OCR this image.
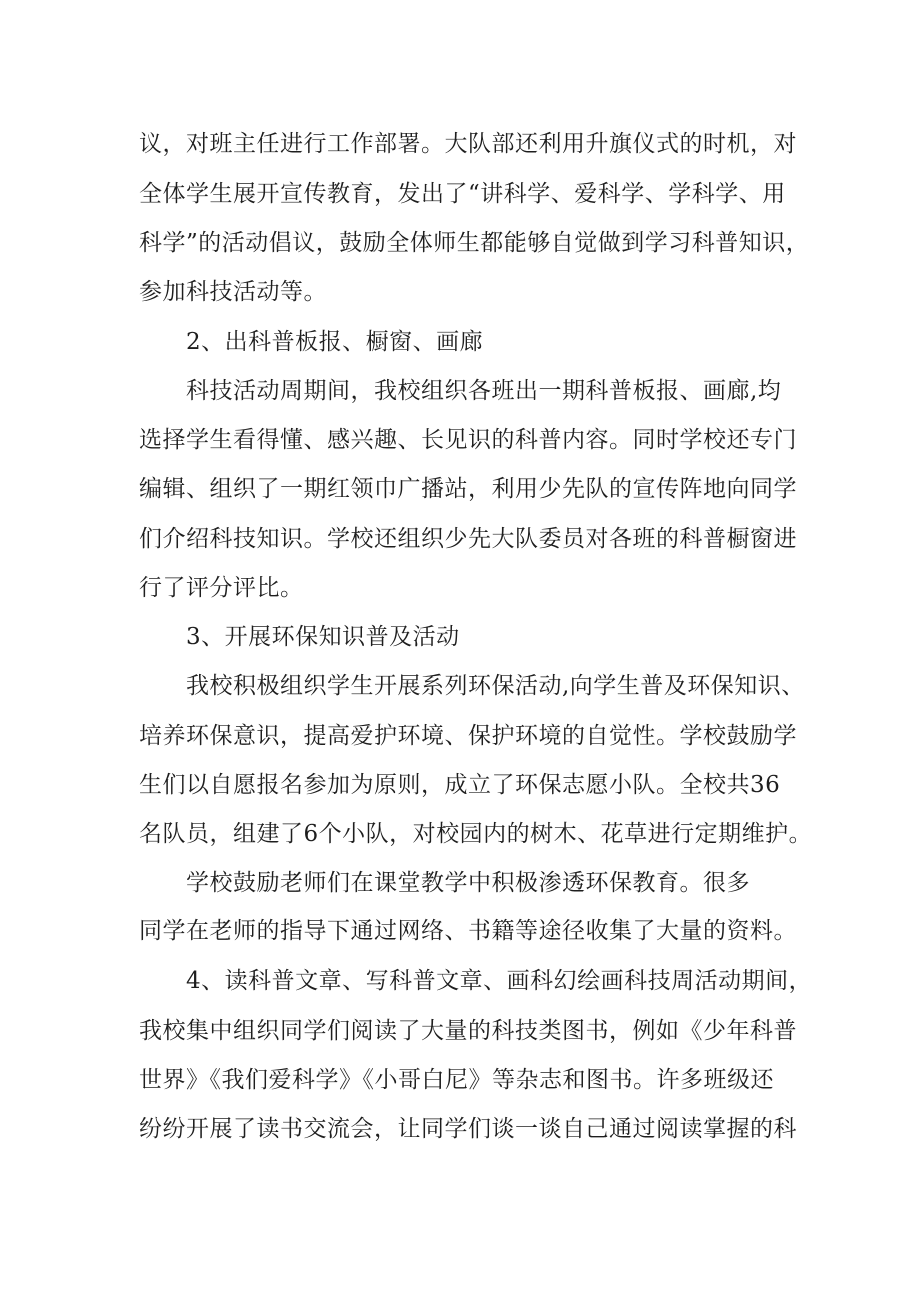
议，对班主任进行工作部署。大队部还利用升旗仪式的时机，对
全体学生展开宣传教育，发出了“讲科学、爱科学、学科学、用
科学”的活动倡议，鼓励全体师生都能够自觉做到学习科普知识，
参加科技活动等。
2、出科普板报、橱窗、画廊
科技活动周期间，我校组织各班出一期科普板报、画廊,均
选择学生看得懂、感兴趣、长见识的科普内容。同时学校还专门
编辑、组织了一期红领巾广播站，利用少先队的宣传阵地向同学
们介绍科技知识。学校还组织少先大队委员对各班的科普橱窗进
行了评分评比。
3、开展环保知识普及活动
我校积极组织学生开展系列环保活动,向学生普及环保知识、
培养环保意识，提高爱护环境、保护环境的自觉性。学校鼓励学
生们以自愿报名参加为原则，成立了环保志愿小队。全校共36
名队员，组建了6个小队，对校园内的树木、花草进行定期维护。
学校鼓励老师们在课堂教学中积极渗透环保教育。很多
同学在老师的指导下通过网络、书籍等途径收集了大量的资料。
4、读科普文章、写科普文章、画科幻绘画科技周活动期间，
我校集中组织同学们阅读了大量的科技类图书，例如《少年科普
世界》《我们爱科学》《小哥白尼》等杂志和图书。许多班级还
纷纷开展了读书交流会，让同学们谈一谈自己通过阅读掌握的科
